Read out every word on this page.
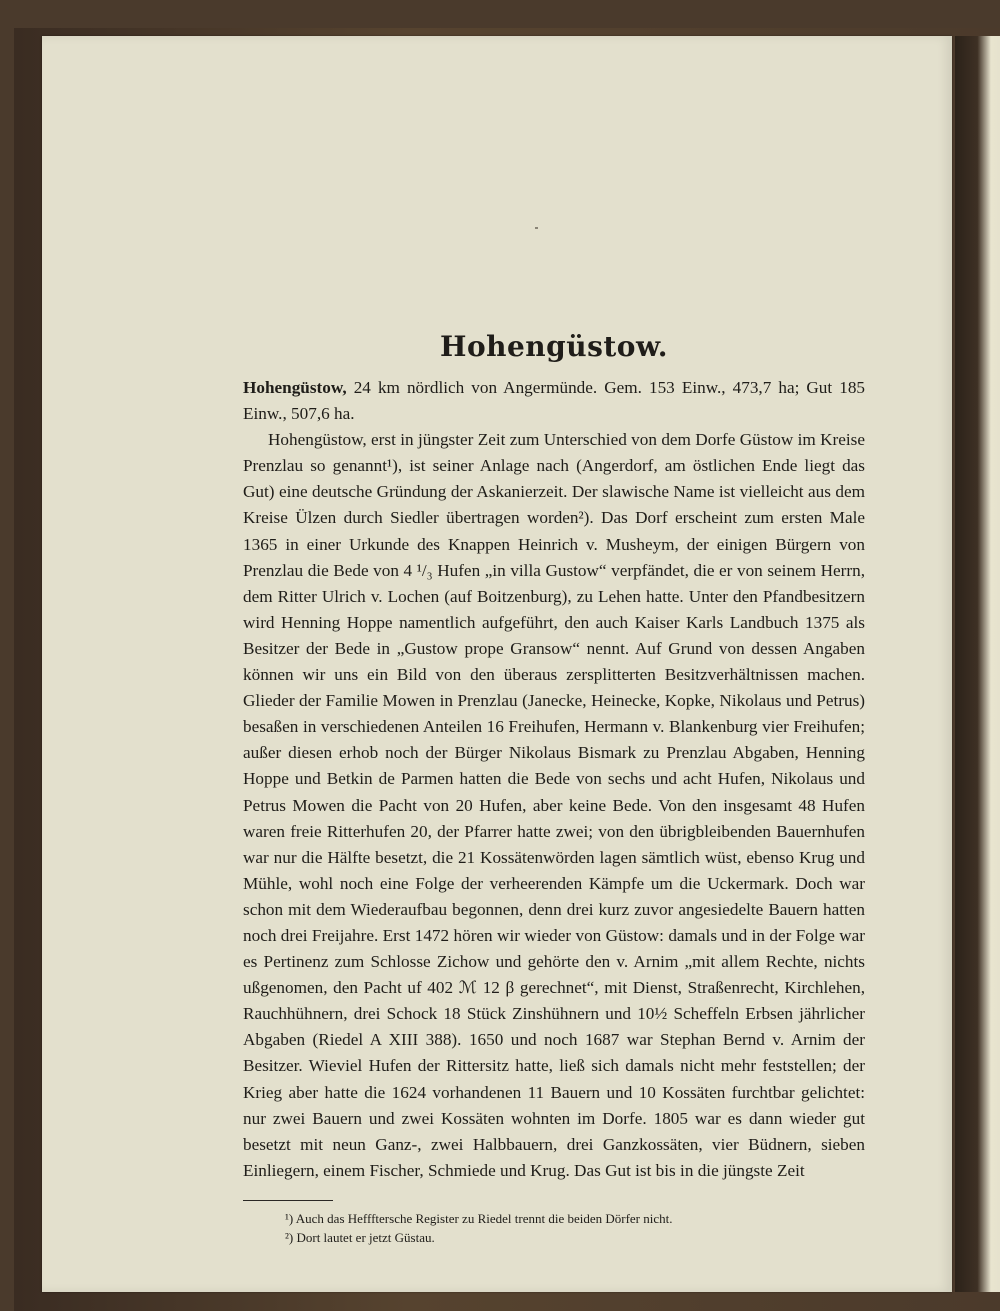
Hohengüstow.

Hohengüstow, 24 km nördlich von Angermünde. Gem. 153 Einw., 473,7 ha; Gut 185 Einw., 507,6 ha.

Hohengüstow, erst in jüngster Zeit zum Unterschied von dem Dorfe Güstow im Kreise Prenzlau so genannt¹), ist seiner Anlage nach (Angerdorf, am östlichen Ende liegt das Gut) eine deutsche Gründung der Askanierzeit. Der slawische Name ist vielleicht aus dem Kreise Ülzen durch Siedler übertragen worden²). Das Dorf erscheint zum ersten Male 1365 in einer Urkunde des Knappen Heinrich v. Musheym, der einigen Bürgern von Prenzlau die Bede von 4 ¹/₃ Hufen „in villa Gustow“ verpfändet, die er von seinem Herrn, dem Ritter Ulrich v. Lochen (auf Boitzenburg), zu Lehen hatte. Unter den Pfandbesitzern wird Henning Hoppe namentlich aufgeführt, den auch Kaiser Karls Landbuch 1375 als Besitzer der Bede in „Gustow prope Gransow“ nennt. Auf Grund von dessen Angaben können wir uns ein Bild von den überaus zersplitterten Besitzverhältnissen machen. Glieder der Familie Mowen in Prenzlau (Janecke, Heinecke, Kopke, Nikolaus und Petrus) besaßen in verschiedenen Anteilen 16 Freihufen, Hermann v. Blankenburg vier Freihufen; außer diesen erhob noch der Bürger Nikolaus Bismark zu Prenzlau Abgaben, Henning Hoppe und Betkin de Parmen hatten die Bede von sechs und acht Hufen, Nikolaus und Petrus Mowen die Pacht von 20 Hufen, aber keine Bede. Von den insgesamt 48 Hufen waren freie Ritterhufen 20, der Pfarrer hatte zwei; von den übrigbleibenden Bauernhufen war nur die Hälfte besetzt, die 21 Kossätenwörden lagen sämtlich wüst, ebenso Krug und Mühle, wohl noch eine Folge der verheerenden Kämpfe um die Uckermark. Doch war schon mit dem Wiederaufbau begonnen, denn drei kurz zuvor angesiedelte Bauern hatten noch drei Freijahre. Erst 1472 hören wir wieder von Güstow: damals und in der Folge war es Pertinenz zum Schlosse Zichow und gehörte den v. Arnim „mit allem Rechte, nichts ußgenomen, den Pacht uf 402 ℳ 12 β gerechnet“, mit Dienst, Straßenrecht, Kirchlehen, Rauchhühnern, drei Schock 18 Stück Zinshühnern und 10½ Scheffeln Erbsen jährlicher Abgaben (Riedel A XIII 388). 1650 und noch 1687 war Stephan Bernd v. Arnim der Besitzer. Wieviel Hufen der Rittersitz hatte, ließ sich damals nicht mehr feststellen; der Krieg aber hatte die 1624 vorhandenen 11 Bauern und 10 Kossäten furchtbar gelichtet: nur zwei Bauern und zwei Kossäten wohnten im Dorfe. 1805 war es dann wieder gut besetzt mit neun Ganz-, zwei Halbbauern, drei Ganzkossäten, vier Büdnern, sieben Einliegern, einem Fischer, Schmiede und Krug. Das Gut ist bis in die jüngste Zeit

¹) Auch das Heffftersche Register zu Riedel trennt die beiden Dörfer nicht.

²) Dort lautet er jetzt Güstau.
